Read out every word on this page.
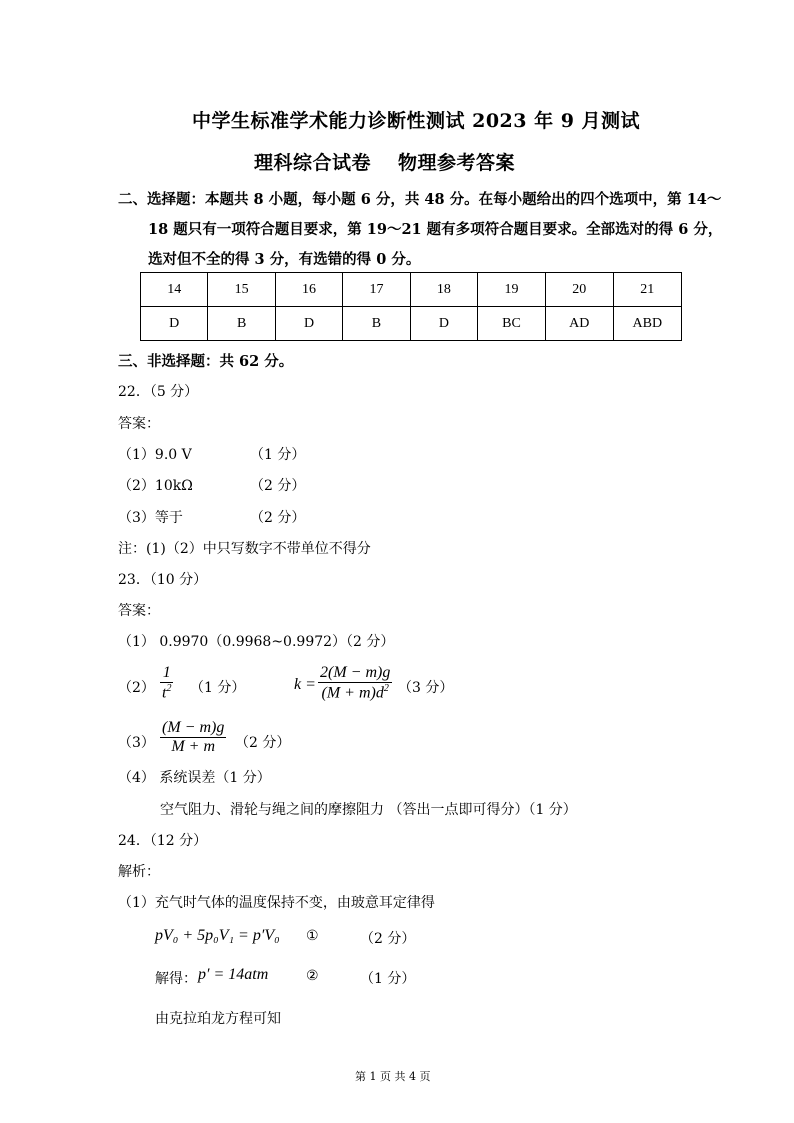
中学生标准学术能力诊断性测试 2023 年 9 月测试
理科综合试卷 物理参考答案
二、选择题：本题共 8 小题，每小题 6 分，共 48 分。在每小题给出的四个选项中，第 14～
18 题只有一项符合题目要求，第 19～21 题有多项符合题目要求。全部选对的得 6 分，
选对但不全的得 3 分，有选错的得 0 分。
14	15	16	17	18	19	20	21
D	B	D	B	D	BC	AD	ABD
三、非选择题：共 62 分。
22．（5 分）
答案：
（1）9.0 V	（1 分）
（2）10kΩ	（2 分）
（3）等于	（2 分）
注：(1)（2）中只写数字不带单位不得分
23．（10 分）
答案：
（1） 0.9970（0.9968~0.9972）（2 分）
$(2) \frac{1}{t^2} (1$ 分）	$k = \frac{2(M - m)g}{(M + m)d^2} (3$ 分）
$(3) \frac{(M - m)g}{M + m} (2$ 分）
（4） 系统误差（1 分）
空气阻力、滑轮与绳之间的摩擦阻力 （答出一点即可得分）（1 分）
24．（12 分）
解析：
（1）充气时气体的温度保持不变，由玻意耳定律得
pV₀ + 5p₀V₁ = p′V₀ ①	（2 分）
解得： p′ = 14atm	②	（1 分）
由克拉珀龙方程可知
第 1 页 共 4 页
